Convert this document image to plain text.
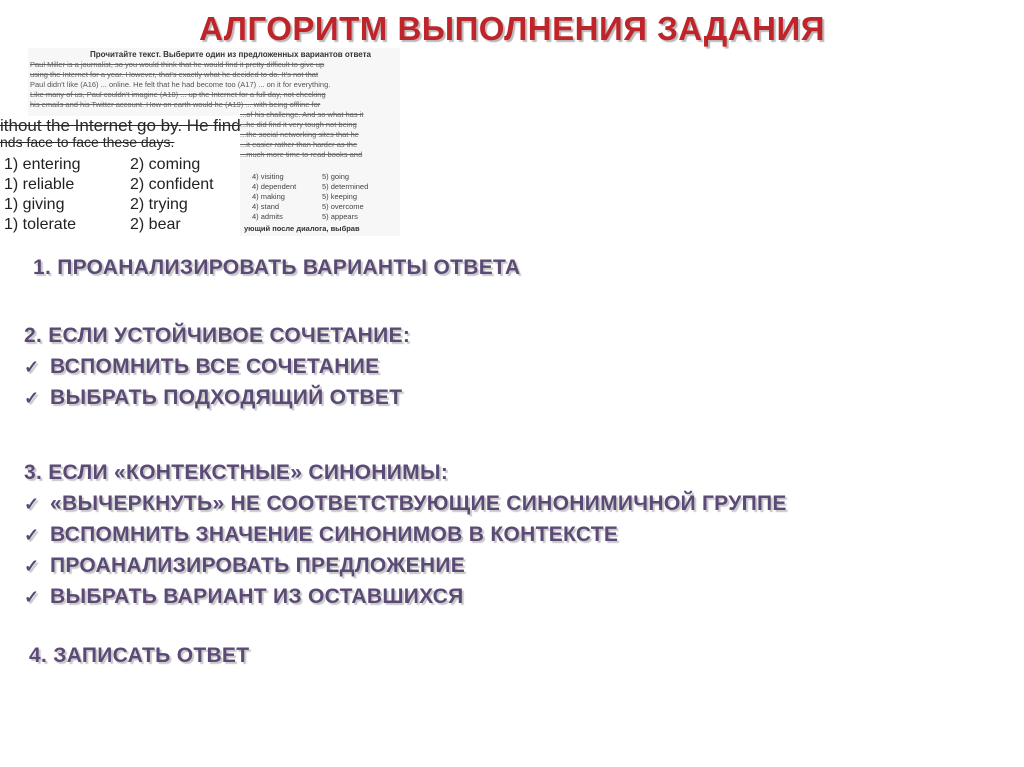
АЛГОРИТМ ВЫПОЛНЕНИЯ ЗАДАНИЯ
Прочитайте текст. Выберите один из предложенных вариантов ответа
Paul Miller is a journalist, so you would think that he would find it pretty difficult to give up
using the Internet for a year. However, that's exactly what he decided to do. It's not that
Paul didn't like (A16) ... online. He felt that he had become too (A17) ... on it for everything.
Like many of us, Paul couldn't imagine (A18) ... up the Internet for a full day, not checking
his emails and his Twitter account. How on earth would he (A19) ... with being offline for
...of his challenge. And so what has it
...he did find it very tough not being
...the social networking sites that he
...it easier rather than harder as the
...much more time to read books and
ithout the Internet go by. He find
nds face to face these days.
1) entering	2) coming
1) reliable	2) confident
1) giving	2) trying
1) tolerate	2) bear
4) visiting	5) going
4) dependent	5) determined
4) making	5) keeping
4) stand	5) overcome
4) admits	5) appears
ующий после диалога, выбрав
1. ПРОАНАЛИЗИРОВАТЬ ВАРИАНТЫ ОТВЕТА
2. ЕСЛИ УСТОЙЧИВОЕ СОЧЕТАНИЕ:
✓ ВСПОМНИТЬ ВСЕ СОЧЕТАНИЕ
✓ ВЫБРАТЬ ПОДХОДЯЩИЙ ОТВЕТ
3. ЕСЛИ «КОНТЕКСТНЫЕ» СИНОНИМЫ:
✓ «ВЫЧЕРКНУТЬ» НЕ СООТВЕТСТВУЮЩИЕ СИНОНИМИЧНОЙ ГРУППЕ
✓ ВСПОМНИТЬ ЗНАЧЕНИЕ СИНОНИМОВ В КОНТЕКСТЕ
✓ ПРОАНАЛИЗИРОВАТЬ ПРЕДЛОЖЕНИЕ
✓ ВЫБРАТЬ ВАРИАНТ ИЗ ОСТАВШИХСЯ
4. ЗАПИСАТЬ ОТВЕТ
